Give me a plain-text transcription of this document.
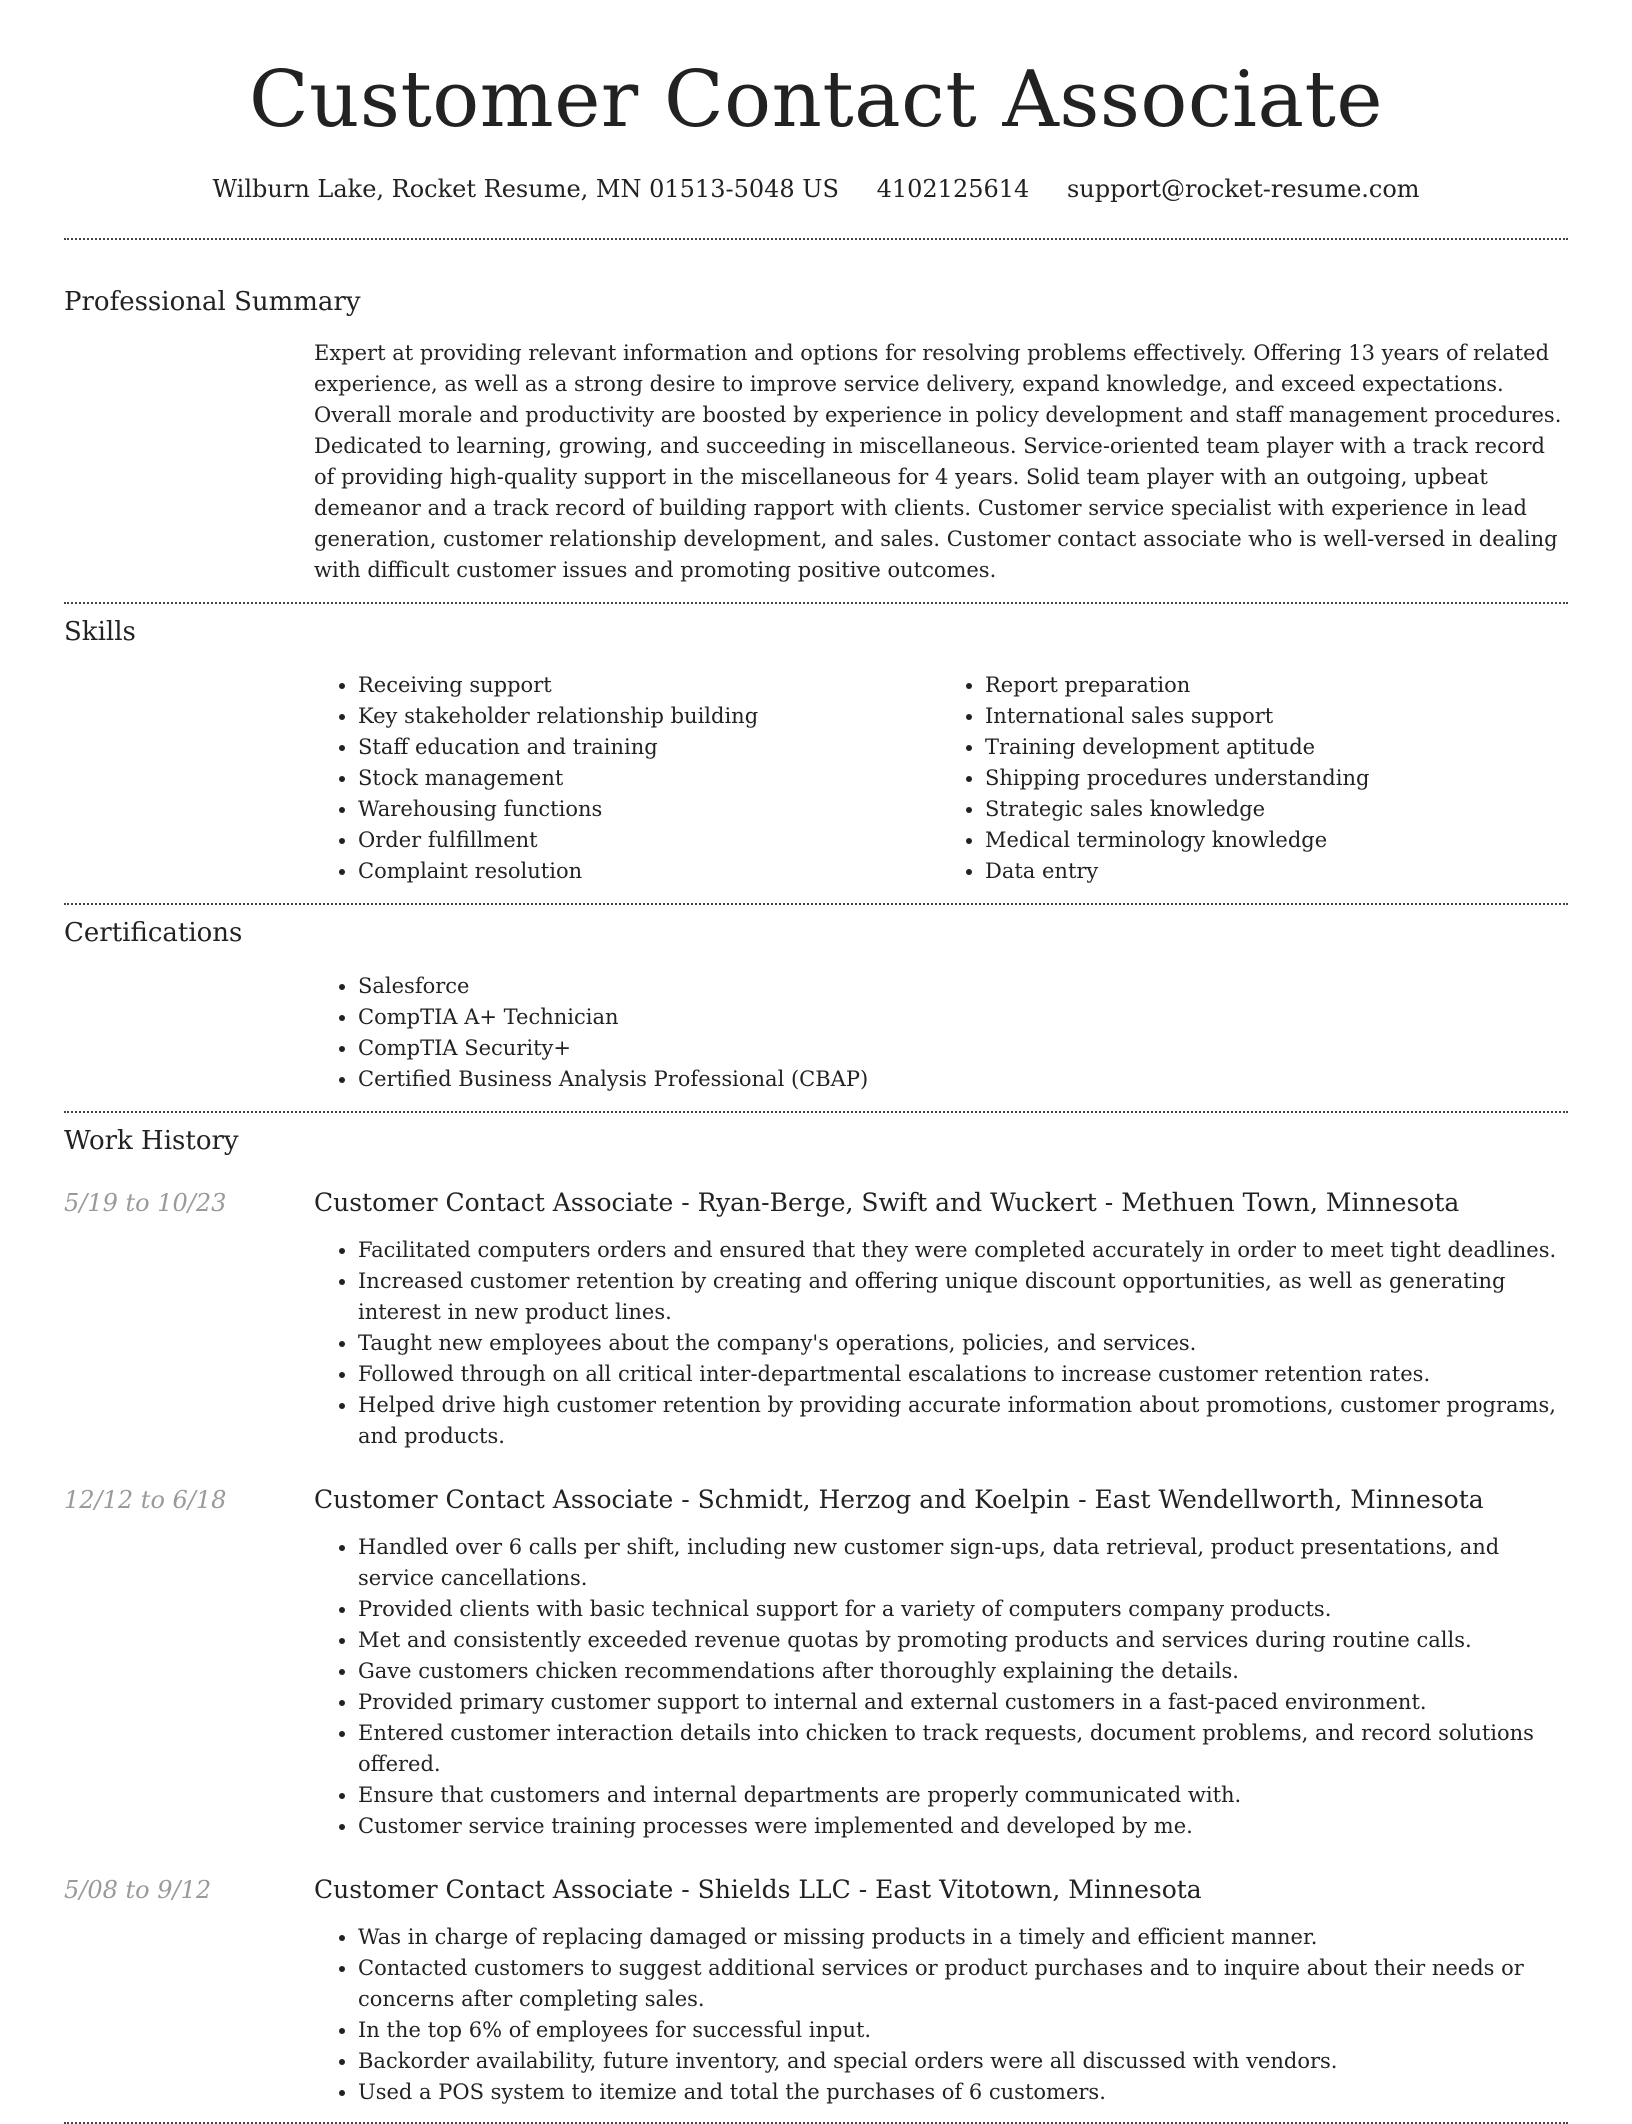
Customer Contact Associate
Wilburn Lake, Rocket Resume, MN 01513-5048 US 4102125614 support@rocket-resume.com
Professional Summary
Expert at providing relevant information and options for resolving problems effectively. Offering 13 years of related experience, as well as a strong desire to improve service delivery, expand knowledge, and exceed expectations. Overall morale and productivity are boosted by experience in policy development and staff management procedures. Dedicated to learning, growing, and succeeding in miscellaneous. Service-oriented team player with a track record of providing high-quality support in the miscellaneous for 4 years. Solid team player with an outgoing, upbeat demeanor and a track record of building rapport with clients. Customer service specialist with experience in lead generation, customer relationship development, and sales. Customer contact associate who is well-versed in dealing with difficult customer issues and promoting positive outcomes.
Skills
• Receiving support
• Key stakeholder relationship building
• Staff education and training
• Stock management
• Warehousing functions
• Order fulfillment
• Complaint resolution
• Report preparation
• International sales support
• Training development aptitude
• Shipping procedures understanding
• Strategic sales knowledge
• Medical terminology knowledge
• Data entry
Certifications
• Salesforce
• CompTIA A+ Technician
• CompTIA Security+
• Certified Business Analysis Professional (CBAP)
Work History
5/19 to 10/23	Customer Contact Associate - Ryan-Berge, Swift and Wuckert - Methuen Town, Minnesota
• Facilitated computers orders and ensured that they were completed accurately in order to meet tight deadlines.
• Increased customer retention by creating and offering unique discount opportunities, as well as generating interest in new product lines.
• Taught new employees about the company's operations, policies, and services.
• Followed through on all critical inter-departmental escalations to increase customer retention rates.
• Helped drive high customer retention by providing accurate information about promotions, customer programs, and products.
12/12 to 6/18	Customer Contact Associate - Schmidt, Herzog and Koelpin - East Wendellworth, Minnesota
• Handled over 6 calls per shift, including new customer sign-ups, data retrieval, product presentations, and service cancellations.
• Provided clients with basic technical support for a variety of computers company products.
• Met and consistently exceeded revenue quotas by promoting products and services during routine calls.
• Gave customers chicken recommendations after thoroughly explaining the details.
• Provided primary customer support to internal and external customers in a fast-paced environment.
• Entered customer interaction details into chicken to track requests, document problems, and record solutions offered.
• Ensure that customers and internal departments are properly communicated with.
• Customer service training processes were implemented and developed by me.
5/08 to 9/12	Customer Contact Associate - Shields LLC - East Vitotown, Minnesota
• Was in charge of replacing damaged or missing products in a timely and efficient manner.
• Contacted customers to suggest additional services or product purchases and to inquire about their needs or concerns after completing sales.
• In the top 6% of employees for successful input.
• Backorder availability, future inventory, and special orders were all discussed with vendors.
• Used a POS system to itemize and total the purchases of 6 customers.
